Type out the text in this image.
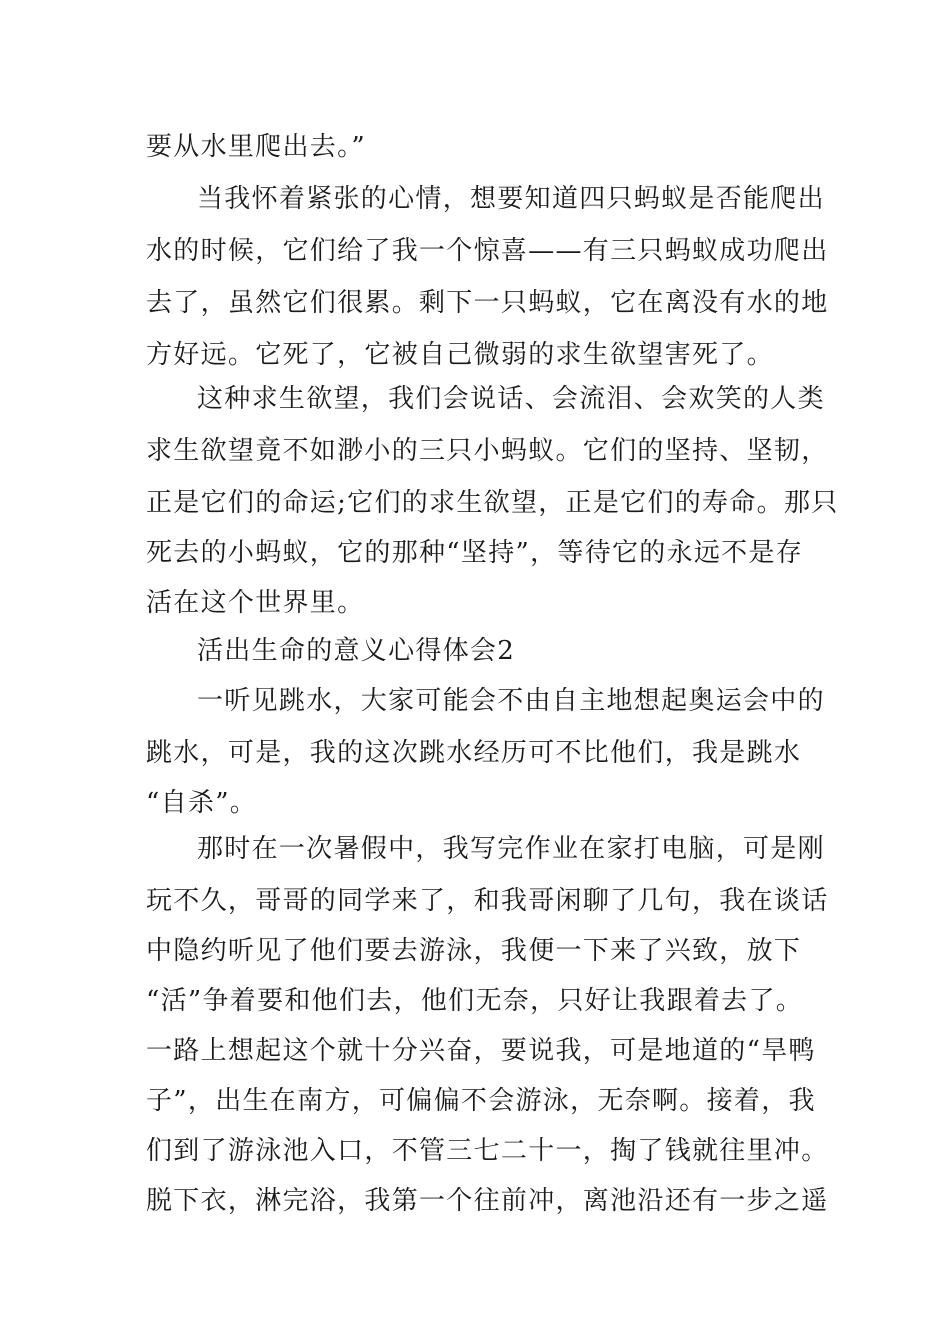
要从水里爬出去。”
当我怀着紧张的心情，想要知道四只蚂蚁是否能爬出
水的时候，它们给了我一个惊喜——有三只蚂蚁成功爬出
去了，虽然它们很累。剩下一只蚂蚁，它在离没有水的地
方好远。它死了，它被自己微弱的求生欲望害死了。
这种求生欲望，我们会说话、会流泪、会欢笑的人类
求生欲望竟不如渺小的三只小蚂蚁。它们的坚持、坚韧，
正是它们的命运;它们的求生欲望，正是它们的寿命。那只
死去的小蚂蚁，它的那种“坚持”，等待它的永远不是存
活在这个世界里。
活出生命的意义心得体会2
一听见跳水，大家可能会不由自主地想起奥运会中的
跳水，可是，我的这次跳水经历可不比他们，我是跳水
“自杀”。
那时在一次暑假中，我写完作业在家打电脑，可是刚
玩不久，哥哥的同学来了，和我哥闲聊了几句，我在谈话
中隐约听见了他们要去游泳，我便一下来了兴致，放下
“活”争着要和他们去，他们无奈，只好让我跟着去了。
一路上想起这个就十分兴奋，要说我，可是地道的“旱鸭
子”，出生在南方，可偏偏不会游泳，无奈啊。接着，我
们到了游泳池入口，不管三七二十一，掏了钱就往里冲。
脱下衣，淋完浴，我第一个往前冲，离池沿还有一步之遥
